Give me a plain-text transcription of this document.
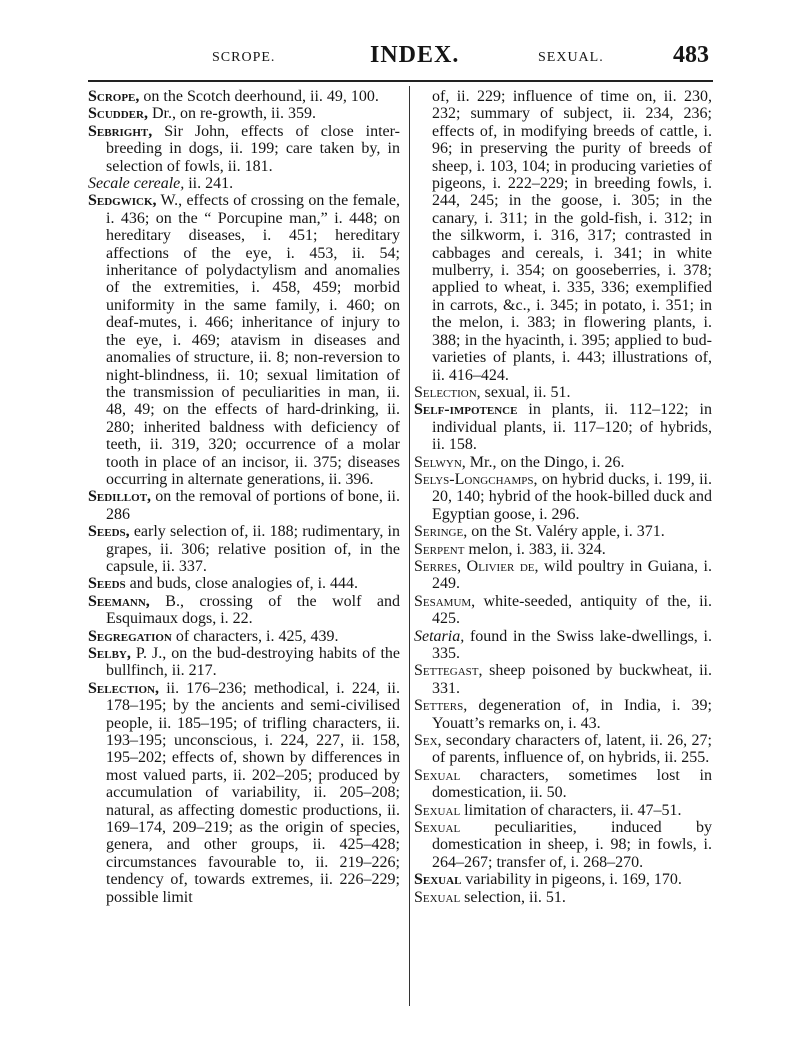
SCROPE.	INDEX.	SEXUAL.	483

Scrope, on the Scotch deerhound, ii. 49, 100.

Scudder, Dr., on re-growth, ii. 359.

Sebright, Sir John, effects of close inter-breeding in dogs, ii. 199; care taken by, in selection of fowls, ii. 181.

Secale cereale, ii. 241.

Sedgwick, W., effects of crossing on the female, i. 436; on the “ Porcupine man,” i. 448; on hereditary diseases, i. 451; hereditary affections of the eye, i. 453, ii. 54; inheritance of polydactylism and anomalies of the extremities, i. 458, 459; morbid uniformity in the same family, i. 460; on deaf-mutes, i. 466; inheritance of injury to the eye, i. 469; atavism in diseases and anomalies of structure, ii. 8; non-reversion to night-blindness, ii. 10; sexual limitation of the transmission of peculiarities in man, ii. 48, 49; on the effects of hard-drinking, ii. 280; inherited baldness with deficiency of teeth, ii. 319, 320; occurrence of a molar tooth in place of an incisor, ii. 375; diseases occurring in alternate generations, ii. 396.

Sedillot, on the removal of portions of bone, ii. 286

Seeds, early selection of, ii. 188; rudimentary, in grapes, ii. 306; relative position of, in the capsule, ii. 337.

Seeds and buds, close analogies of, i. 444.

Seemann, B., crossing of the wolf and Esquimaux dogs, i. 22.

Segregation of characters, i. 425, 439.

Selby, P. J., on the bud-destroying habits of the bullfinch, ii. 217.

Selection, ii. 176–236; methodical, i. 224, ii. 178–195; by the ancients and semi-civilised people, ii. 185–195; of trifling characters, ii. 193–195; unconscious, i. 224, 227, ii. 158, 195–202; effects of, shown by differences in most valued parts, ii. 202–205; produced by accumulation of variability, ii. 205–208; natural, as affecting domestic productions, ii. 169–174, 209–219; as the origin of species, genera, and other groups, ii. 425–428; circumstances favourable to, ii. 219–226; tendency of, towards extremes, ii. 226–229; possible limit

of, ii. 229; influence of time on, ii. 230, 232; summary of subject, ii. 234, 236; effects of, in modifying breeds of cattle, i. 96; in preserving the purity of breeds of sheep, i. 103, 104; in producing varieties of pigeons, i. 222–229; in breeding fowls, i. 244, 245; in the goose, i. 305; in the canary, i. 311; in the gold-fish, i. 312; in the silkworm, i. 316, 317; contrasted in cabbages and cereals, i. 341; in white mulberry, i. 354; on gooseberries, i. 378; applied to wheat, i. 335, 336; exemplified in carrots, &c., i. 345; in potato, i. 351; in the melon, i. 383; in flowering plants, i. 388; in the hyacinth, i. 395; applied to bud-varieties of plants, i. 443; illustrations of, ii. 416–424.

Selection, sexual, ii. 51.

Self-impotence in plants, ii. 112–122; in individual plants, ii. 117–120; of hybrids, ii. 158.

Selwyn, Mr., on the Dingo, i. 26.

Selys-Longchamps, on hybrid ducks, i. 199, ii. 20, 140; hybrid of the hook-billed duck and Egyptian goose, i. 296.

Seringe, on the St. Valéry apple, i. 371.

Serpent melon, i. 383, ii. 324.

Serres, Olivier de, wild poultry in Guiana, i. 249.

Sesamum, white-seeded, antiquity of the, ii. 425.

Setaria, found in the Swiss lake-dwellings, i. 335.

Settegast, sheep poisoned by buckwheat, ii. 331.

Setters, degeneration of, in India, i. 39; Youatt’s remarks on, i. 43.

Sex, secondary characters of, latent, ii. 26, 27; of parents, influence of, on hybrids, ii. 255.

Sexual characters, sometimes lost in domestication, ii. 50.

Sexual limitation of characters, ii. 47–51.

Sexual peculiarities, induced by domestication in sheep, i. 98; in fowls, i. 264–267; transfer of, i. 268–270.

Sexual variability in pigeons, i. 169, 170.

Sexual selection, ii. 51.
